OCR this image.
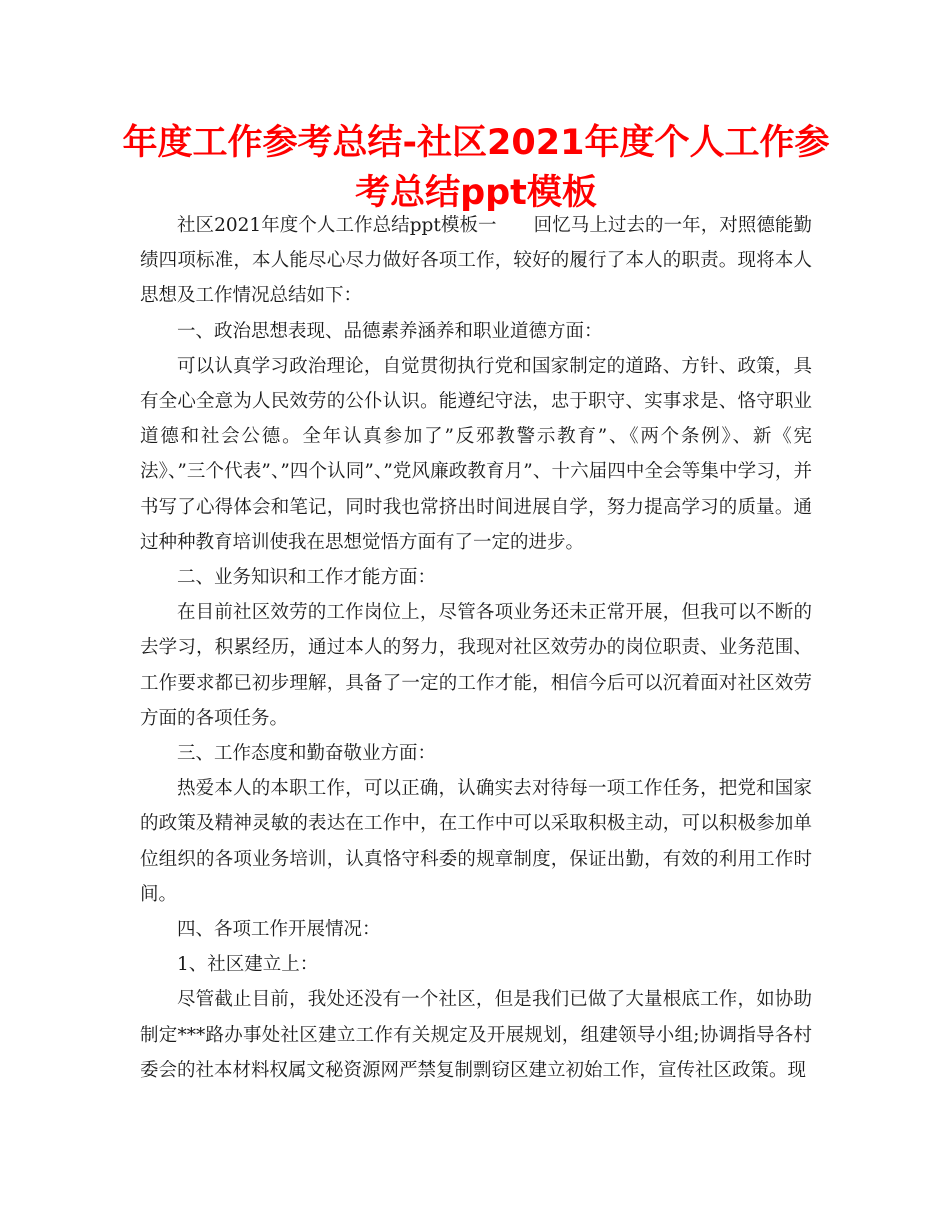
年度工作参考总结-社区2021年度个人工作参考总结ppt模板

社区2021年度个人工作总结ppt模板一　　回忆马上过去的一年，对照德能勤绩四项标准，本人能尽心尽力做好各项工作，较好的履行了本人的职责。现将本人思想及工作情况总结如下：

一、政治思想表现、品德素养涵养和职业道德方面：

可以认真学习政治理论，自觉贯彻执行党和国家制定的道路、方针、政策，具有全心全意为人民效劳的公仆认识。能遵纪守法，忠于职守、实事求是、恪守职业道德和社会公德。全年认真参加了”反邪教警示教育”、《两个条例》、新《宪法》、”三个代表”、”四个认同”、”党风廉政教育月”、十六届四中全会等集中学习，并书写了心得体会和笔记，同时我也常挤出时间进展自学，努力提高学习的质量。通过种种教育培训使我在思想觉悟方面有了一定的进步。

二、业务知识和工作才能方面：

在目前社区效劳的工作岗位上，尽管各项业务还未正常开展，但我可以不断的去学习，积累经历，通过本人的努力，我现对社区效劳办的岗位职责、业务范围、工作要求都已初步理解，具备了一定的工作才能，相信今后可以沉着面对社区效劳方面的各项任务。

三、工作态度和勤奋敬业方面：

热爱本人的本职工作，可以正确，认确实去对待每一项工作任务，把党和国家的政策及精神灵敏的表达在工作中，在工作中可以采取积极主动，可以积极参加单位组织的各项业务培训，认真恪守科委的规章制度，保证出勤，有效的利用工作时间。

四、各项工作开展情况：

1、社区建立上：

尽管截止目前，我处还没有一个社区，但是我们已做了大量根底工作，如协助制定***路办事处社区建立工作有关规定及开展规划，组建领导小组;协调指导各村委会的社本材料权属文秘资源网严禁复制剽窃区建立初始工作，宣传社区政策。现
